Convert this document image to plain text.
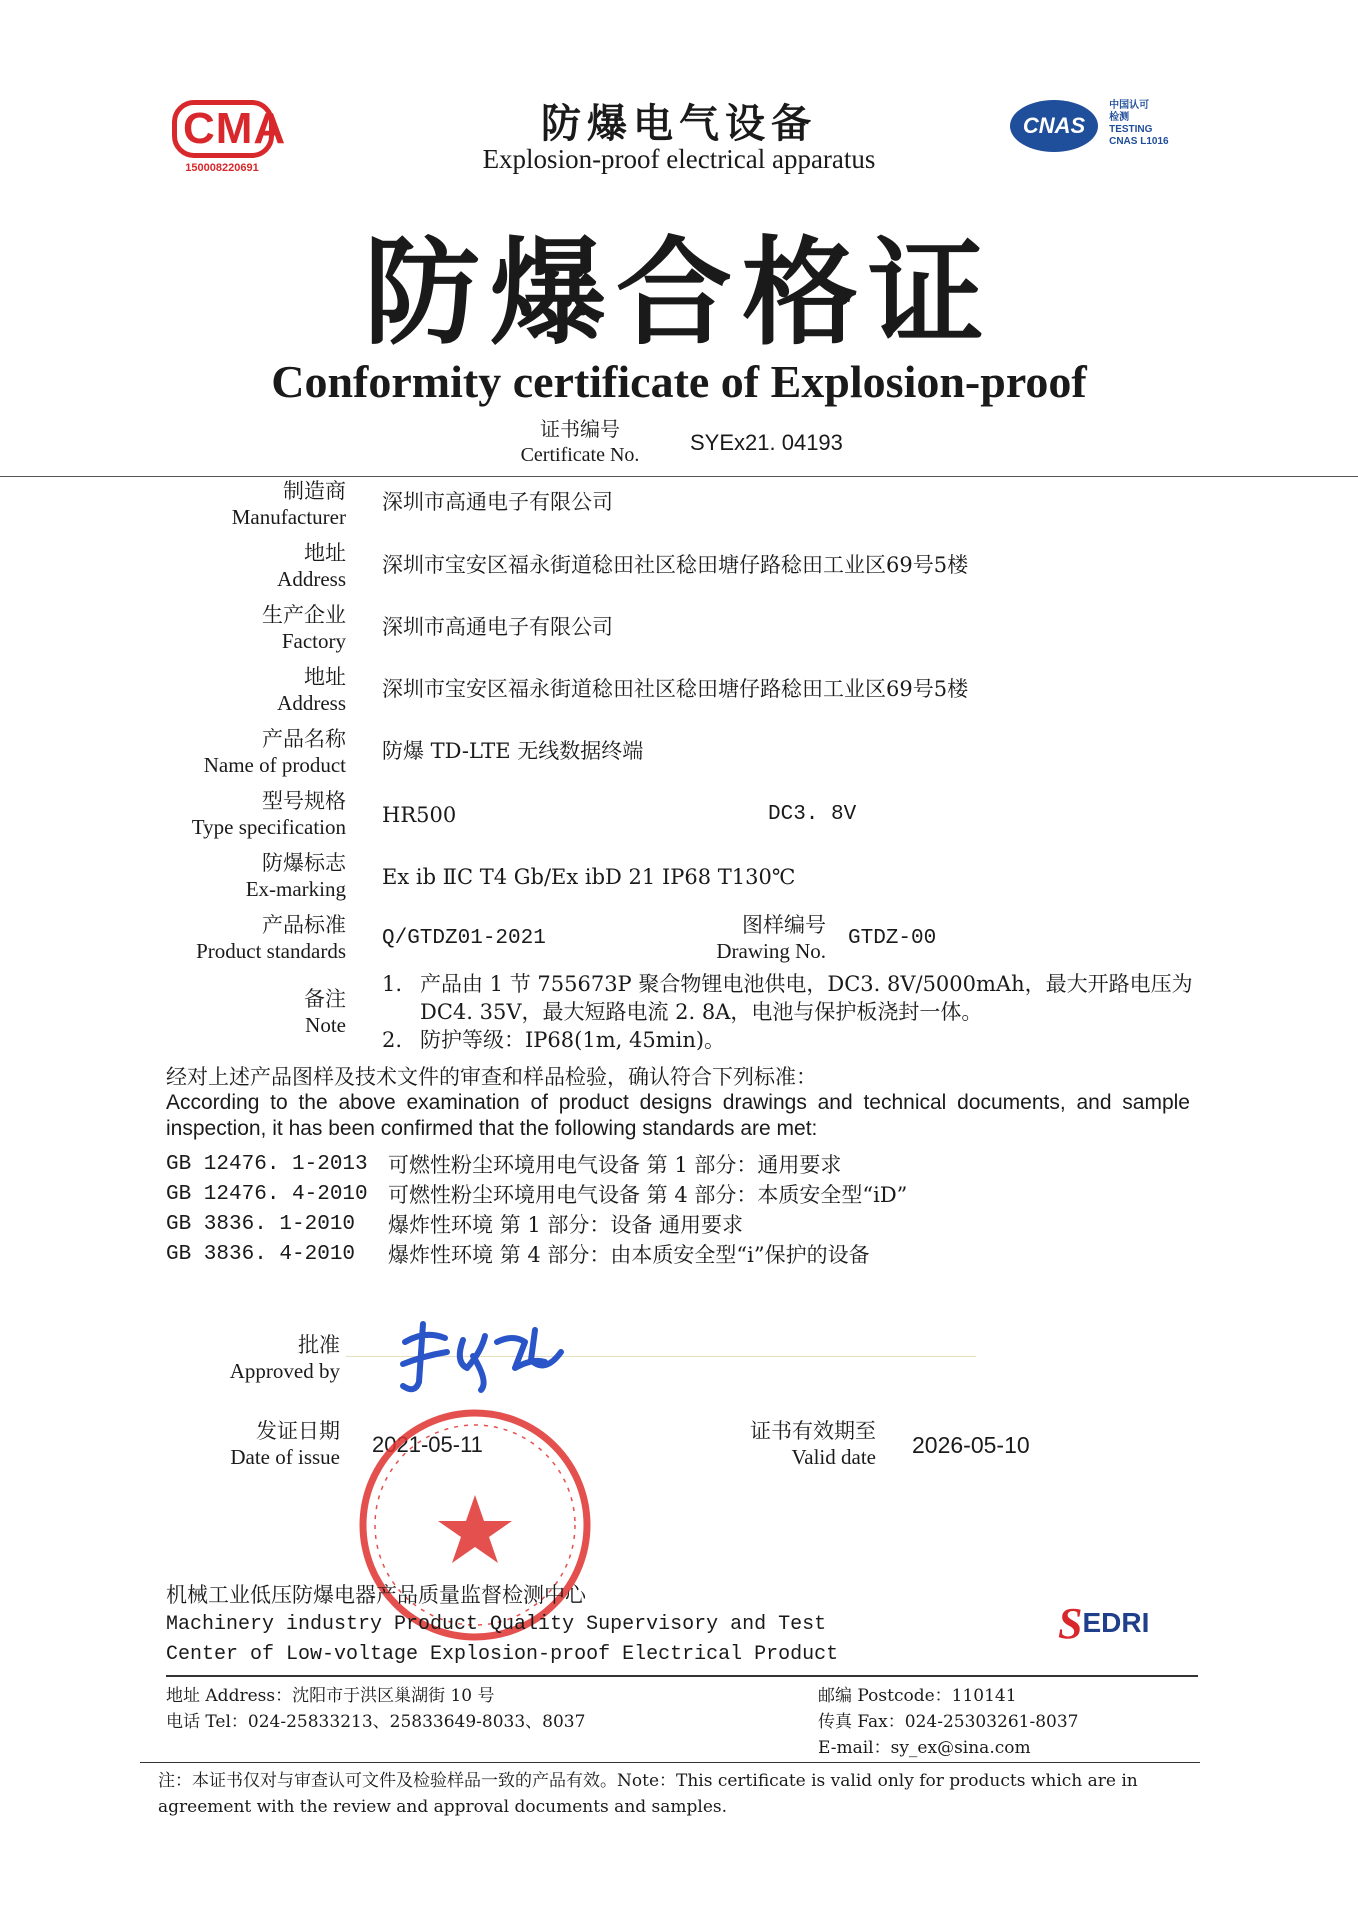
CMA
150008220691
CNAS
中国认可
检测
TESTING
CNAS L1016
防爆电气设备
Explosion-proof electrical apparatus
防爆合格证
Conformity certificate of Explosion-proof
证书编号
Certificate No.	SYEx21. 04193
制造商
Manufacturer
深圳市高通电子有限公司
地址
Address
深圳市宝安区福永街道稔田社区稔田塘仔路稔田工业区69号5楼
生产企业
Factory
深圳市高通电子有限公司
地址
Address
深圳市宝安区福永街道稔田社区稔田塘仔路稔田工业区69号5楼
产品名称
Name of product
防爆 TD-LTE 无线数据终端
型号规格
Type specification HR500	DC3. 8V
防爆标志
Ex-marking Ex ib ⅡC T4 Gb/Ex ibD 21 IP68 T130℃
产品标准
Product standards
Q/GTDZ01-2021
图样编号
Drawing No.
GTDZ-00
备注
Note
1. 产品由 1 节 755673P 聚合物锂电池供电，DC3. 8V/5000mAh，最大开路电压为
DC4. 35V，最大短路电流 2. 8A，电池与保护板浇封一体。
2. 防护等级：IP68(1m, 45min)。
经对上述产品图样及技术文件的审查和样品检验，确认符合下列标准：
According to the above examination of product designs drawings and technical documents, and sample
inspection, it has been confirmed that the following standards are met:
GB 12476. 1-2013 可燃性粉尘环境用电气设备 第 1 部分：通用要求
GB 12476. 4-2010 可燃性粉尘环境用电气设备 第 4 部分：本质安全型“iD”
GB 3836. 1-2010	爆炸性环境 第 1 部分：设备 通用要求
GB 3836. 4-2010	爆炸性环境 第 4 部分：由本质安全型“i”保护的设备
批准
Approved by
发证日期
Date of issue 2021-05-11
证书有效期至
Valid date 2026-05-10
机械工业低压防爆电器产品质量监督检测中心
Machinery industry Product Quality Supervisory and Test
Center of Low-voltage Explosion-proof Electrical Product
SEDRI
地址 Address：沈阳市于洪区巢湖街 10 号
电话 Tel：024-25833213、25833649-8033、8037
邮编 Postcode：110141
传真 Fax：024-25303261-8037
E-mail：sy_ex@sina.com
注：本证书仅对与审查认可文件及检验样品一致的产品有效。Note：This certificate is valid only for products which are in
agreement with the review and approval documents and samples.
